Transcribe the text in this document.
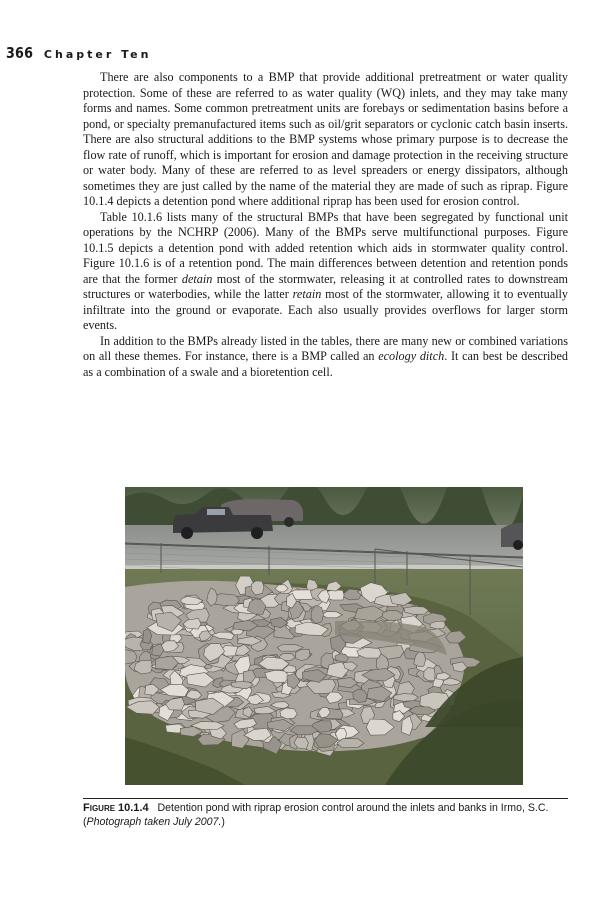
366 Chapter Ten

There are also components to a BMP that provide additional pretreatment or water quality protection. Some of these are referred to as water quality (WQ) inlets, and they may take many forms and names. Some common pretreatment units are forebays or sedimentation basins before a pond, or specialty premanufactured items such as oil/grit separators or cyclonic catch basin inserts. There are also structural additions to the BMP systems whose primary purpose is to decrease the flow rate of runoff, which is important for erosion and damage protection in the receiving structure or water body. Many of these are referred to as level spreaders or energy dissipators, although sometimes they are just called by the name of the material they are made of such as riprap. Figure 10.1.4 depicts a detention pond where additional riprap has been used for erosion control.

Table 10.1.6 lists many of the structural BMPs that have been segregated by functional unit operations by the NCHRP (2006). Many of the BMPs serve multifunctional purposes. Figure 10.1.5 depicts a detention pond with added retention which aids in stormwater quality control. Figure 10.1.6 is of a retention pond. The main differences between detention and retention ponds are that the former detain most of the stormwater, releasing it at controlled rates to downstream structures or waterbodies, while the latter retain most of the stormwater, allowing it to eventually infiltrate into the ground or evaporate. Each also usually provides overflows for larger storm events.

In addition to the BMPs already listed in the tables, there are many new or combined variations on all these themes. For instance, there is a BMP called an ecology ditch. It can best be described as a combination of a swale and a bioretention cell.

Figure 10.1.4 Detention pond with riprap erosion control around the inlets and banks in Irmo, S.C. (Photograph taken July 2007.)
